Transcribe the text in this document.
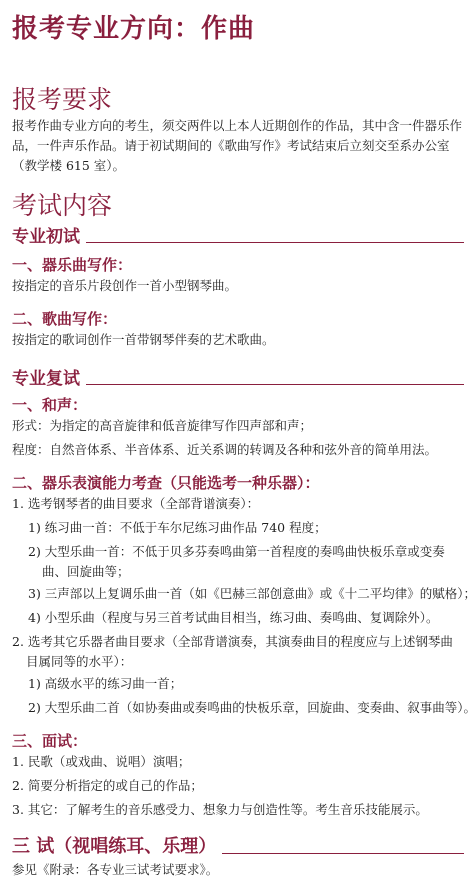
报考专业方向：作曲
报考要求
报考作曲专业方向的考生，须交两件以上本人近期创作的作品，其中含一件器乐作品，一件声乐作品。请于初试期间的《歌曲写作》考试结束后立刻交至系办公室（教学楼 615 室）。
考试内容
专业初试
一、器乐曲写作：
按指定的音乐片段创作一首小型钢琴曲。
二、歌曲写作：
按指定的歌词创作一首带钢琴伴奏的艺术歌曲。
专业复试
一、和声：
形式：为指定的高音旋律和低音旋律写作四声部和声；
程度：自然音体系、半音体系、近关系调的转调及各种和弦外音的简单用法。
二、器乐表演能力考查（只能选考一种乐器）：
1. 选考钢琴者的曲目要求（全部背谱演奏）：
1) 练习曲一首：不低于车尔尼练习曲作品 740 程度；
2) 大型乐曲一首：不低于贝多芬奏鸣曲第一首程度的奏鸣曲快板乐章或变奏曲、回旋曲等；
3) 三声部以上复调乐曲一首（如《巴赫三部创意曲》或《十二平均律》的赋格）；
4) 小型乐曲（程度与另三首考试曲目相当，练习曲、奏鸣曲、复调除外）。
2. 选考其它乐器者曲目要求（全部背谱演奏，其演奏曲目的程度应与上述钢琴曲目属同等的水平）：
1) 高级水平的练习曲一首；
2) 大型乐曲二首（如协奏曲或奏鸣曲的快板乐章，回旋曲、变奏曲、叙事曲等）。
三、面试：
1. 民歌（或戏曲、说唱）演唱；
2. 简要分析指定的或自己的作品；
3. 其它：了解考生的音乐感受力、想象力与创造性等。考生音乐技能展示。
三 试（视唱练耳、乐理）
参见《附录：各专业三试考试要求》。
